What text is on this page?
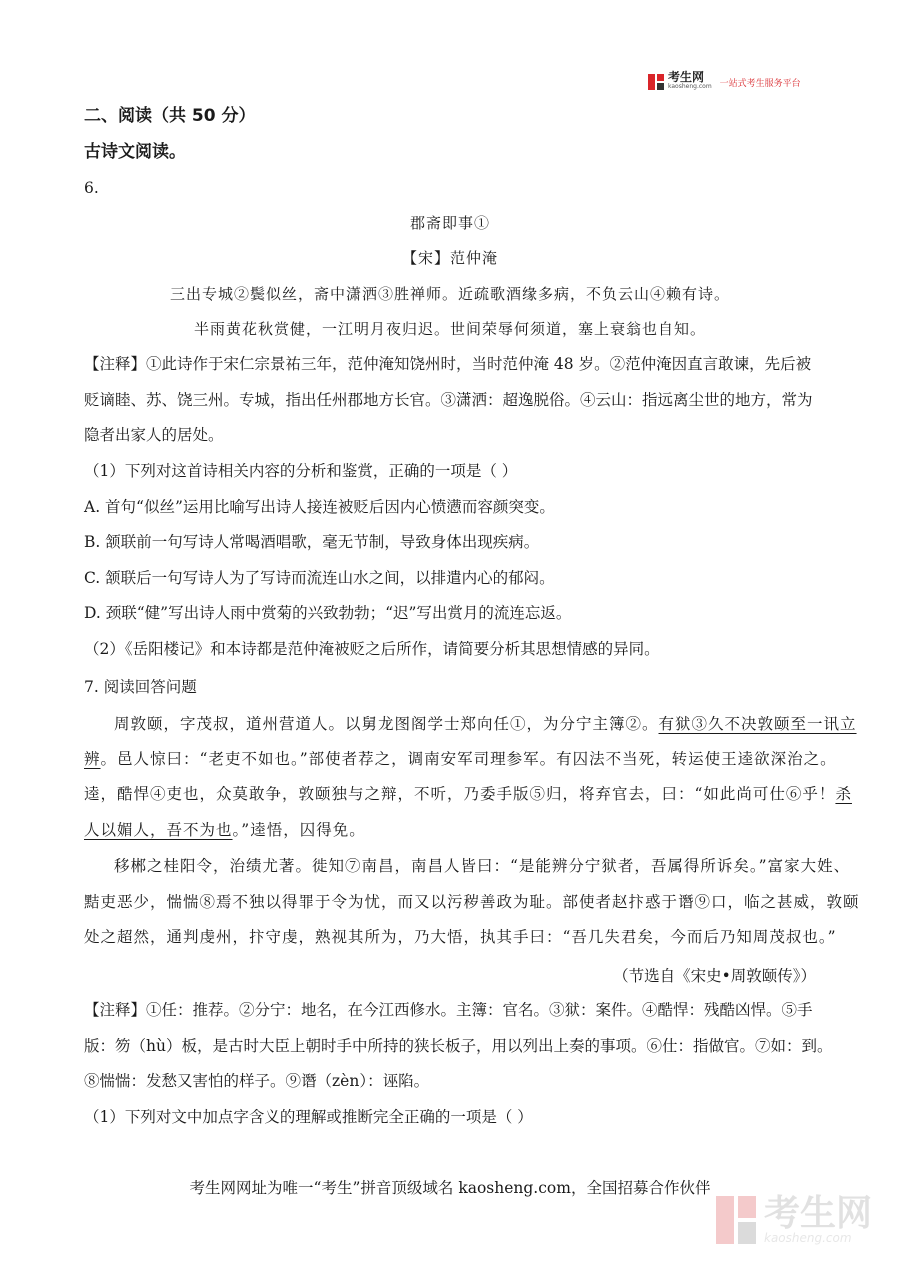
考生网
kaosheng.com 一站式考生服务平台
二、阅读（共 50 分）
古诗文阅读。
6.
郡斋即事①
【宋】范仲淹
三出专城②鬓似丝，斋中潇洒③胜禅师。近疏歌酒缘多病，不负云山④赖有诗。
半雨黄花秋赏健，一江明月夜归迟。世间荣辱何须道，塞上衰翁也自知。
【注释】①此诗作于宋仁宗景祐三年，范仲淹知饶州时，当时范仲淹 48 岁。②范仲淹因直言敢谏，先后被
贬谪睦、苏、饶三州。专城，指出任州郡地方长官。③潇洒：超逸脱俗。④云山：指远离尘世的地方，常为
隐者出家人的居处。
（1）下列对这首诗相关内容的分析和鉴赏，正确的一项是（ ）
A. 首句“似丝”运用比喻写出诗人接连被贬后因内心愤懑而容颜突变。
B. 颔联前一句写诗人常喝酒唱歌，毫无节制，导致身体出现疾病。
C. 颔联后一句写诗人为了写诗而流连山水之间，以排遣内心的郁闷。
D. 颈联“健”写出诗人雨中赏菊的兴致勃勃；“迟”写出赏月的流连忘返。
（2）《岳阳楼记》和本诗都是范仲淹被贬之后所作，请简要分析其思想情感的异同。
7. 阅读回答问题
周敦颐，字茂叔，道州营道人。以舅龙图阁学士郑向任①，为分宁主簿②。有狱③久不决敦颐至一讯立
辨。邑人惊曰：“老吏不如也。”部使者荐之，调南安军司理参军。有囚法不当死，转运使王逵欲深治之。
逵，酷悍④吏也，众莫敢争，敦颐独与之辩，不听，乃委手版⑤归，将弃官去，曰：“如此尚可仕⑥乎！杀
人以媚人，吾不为也。”逵悟，囚得免。
移郴之桂阳令，治绩尤著。徙知⑦南昌，南昌人皆曰：“是能辨分宁狱者，吾属得所诉矣。”富家大姓、
黠吏恶少，惴惴⑧焉不独以得罪于令为忧，而又以污秽善政为耻。部使者赵抃惑于谮⑨口，临之甚威，敦颐
处之超然，通判虔州，抃守虔，熟视其所为，乃大悟，执其手曰：“吾几失君矣，今而后乃知周茂叔也。”
（节选自《宋史•周敦颐传》）
【注释】①任：推荐。②分宁：地名，在今江西修水。主簿：官名。③狱：案件。④酷悍：残酷凶悍。⑤手
版：笏（hù）板，是古时大臣上朝时手中所持的狭长板子，用以列出上奏的事项。⑥仕：指做官。⑦如：到。
⑧惴惴：发愁又害怕的样子。⑨谮（zèn）：诬陷。
（1）下列对文中加点字含义的理解或推断完全正确的一项是（ ）
考生网网址为唯一“考生”拼音顶级域名 kaosheng.com，全国招募合作伙伴
考生网
kaosheng.com
